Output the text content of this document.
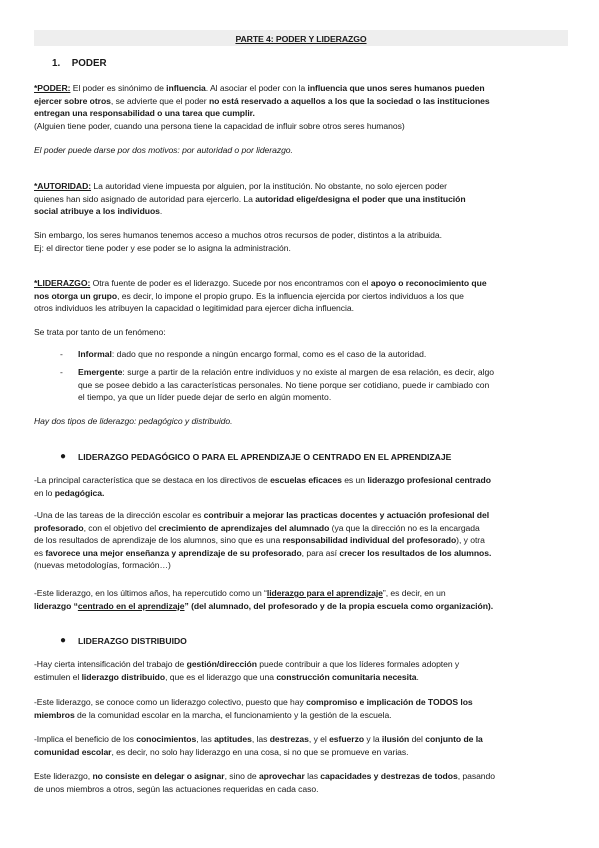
PARTE 4: PODER Y LIDERAZGO
1. PODER
*PODER: El poder es sinónimo de influencia. Al asociar el poder con la influencia que unos seres humanos pueden
ejercer sobre otros, se advierte que el poder no está reservado a aquellos a los que la sociedad o las instituciones
entregan una responsabilidad o una tarea que cumplir.
(Alguien tiene poder, cuando una persona tiene la capacidad de influir sobre otros seres humanos)
El poder puede darse por dos motivos: por autoridad o por liderazgo.
*AUTORIDAD: La autoridad viene impuesta por alguien, por la institución. No obstante, no solo ejercen poder
quienes han sido asignado de autoridad para ejercerlo. La autoridad elige/designa el poder que una institución
social atribuye a los individuos.
Sin embargo, los seres humanos tenemos acceso a muchos otros recursos de poder, distintos a la atribuida.
Ej: el director tiene poder y ese poder se lo asigna la administración.
*LIDERAZGO: Otra fuente de poder es el liderazgo. Sucede por nos encontramos con el apoyo o reconocimiento que
nos otorga un grupo, es decir, lo impone el propio grupo. Es la influencia ejercida por ciertos individuos a los que
otros individuos les atribuyen la capacidad o legitimidad para ejercer dicha influencia.
Se trata por tanto de un fenómeno:
- Informal: dado que no responde a ningún encargo formal, como es el caso de la autoridad.
- Emergente: surge a partir de la relación entre individuos y no existe al margen de esa relación, es decir, algo
que se posee debido a las características personales. No tiene porque ser cotidiano, puede ir cambiado con
el tiempo, ya que un líder puede dejar de serlo en algún momento.
Hay dos tipos de liderazgo: pedagógico y distribuido.
● LIDERAZGO PEDAGÓGICO O PARA EL APRENDIZAJE O CENTRADO EN EL APRENDIZAJE
-La principal característica que se destaca en los directivos de escuelas eficaces es un liderazgo profesional centrado
en lo pedagógica.
-Una de las tareas de la dirección escolar es contribuir a mejorar las practicas docentes y actuación profesional del
profesorado, con el objetivo del crecimiento de aprendizajes del alumnado (ya que la dirección no es la encargada
de los resultados de aprendizaje de los alumnos, sino que es una responsabilidad individual del profesorado), y otra
es favorece una mejor enseñanza y aprendizaje de su profesorado, para así crecer los resultados de los alumnos.
(nuevas metodologías, formación…)
-Este liderazgo, en los últimos años, ha repercutido como un “liderazgo para el aprendizaje”, es decir, en un
liderazgo “centrado en el aprendizaje” (del alumnado, del profesorado y de la propia escuela como organización).
● LIDERAZGO DISTRIBUIDO
-Hay cierta intensificación del trabajo de gestión/dirección puede contribuir a que los líderes formales adopten y
estimulen el liderazgo distribuido, que es el liderazgo que una construcción comunitaria necesita.
-Este liderazgo, se conoce como un liderazgo colectivo, puesto que hay compromiso e implicación de TODOS los
miembros de la comunidad escolar en la marcha, el funcionamiento y la gestión de la escuela.
-Implica el beneficio de los conocimientos, las aptitudes, las destrezas, y el esfuerzo y la ilusión del conjunto de la
comunidad escolar, es decir, no solo hay liderazgo en una cosa, si no que se promueve en varias.
Este liderazgo, no consiste en delegar o asignar, sino de aprovechar las capacidades y destrezas de todos, pasando
de unos miembros a otros, según las actuaciones requeridas en cada caso.
